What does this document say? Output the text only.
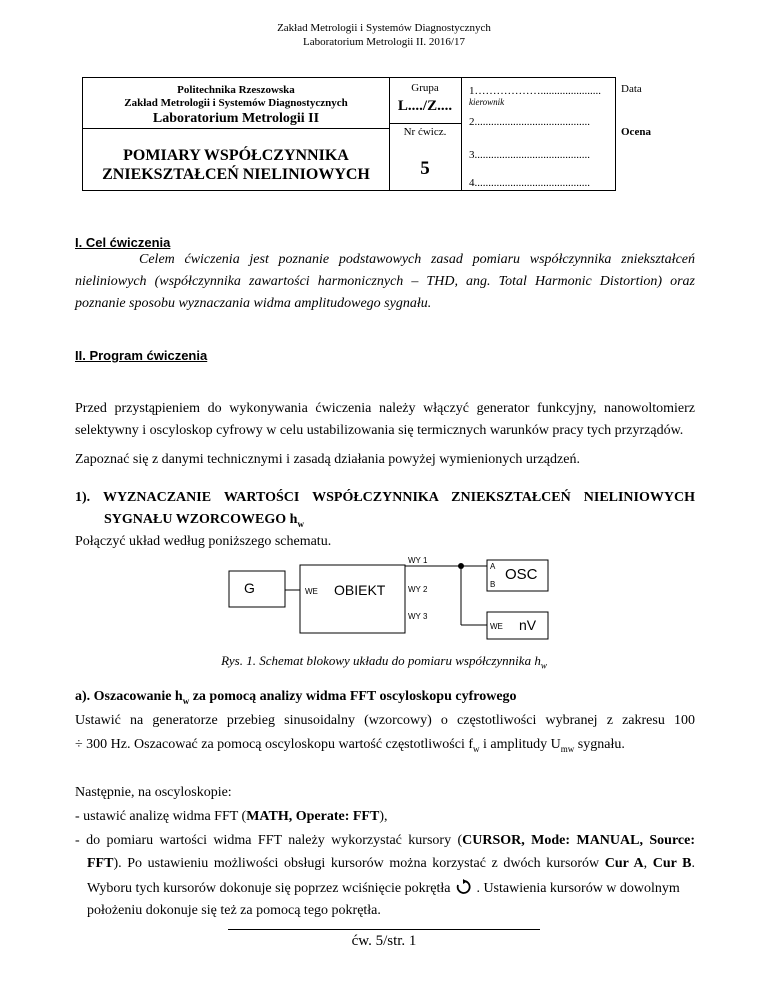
Zakład Metrologii i Systemów Diagnostycznych
Laboratorium Metrologii II. 2016/17
Politechnika Rzeszowska
Zakład Metrologii i Systemów Diagnostycznych
Laboratorium Metrologii II
POMIARY WSPÓŁCZYNNIKA
ZNIEKSZTAŁCEŃ NIELINIOWYCH
Grupa
L..../Z....
Nr ćwicz.
5
1………………......................
kierownik
2..........................................
3..........................................
4..........................................
Data
Ocena
I. Cel ćwiczenia
Celem ćwiczenia jest poznanie podstawowych zasad pomiaru współczynnika zniekształceń nieliniowych (współczynnika zawartości harmonicznych – THD, ang. Total Harmonic Distortion) oraz poznanie sposobu wyznaczania widma amplitudowego sygnału.
II. Program ćwiczenia
Przed przystąpieniem do wykonywania ćwiczenia należy włączyć generator funkcyjny, nanowoltomierz selektywny i oscyloskop cyfrowy w celu ustabilizowania się termicznych warunków pracy tych przyrządów.
Zapoznać się z danymi technicznymi i zasadą działania powyżej wymienionych urządzeń.
1). WYZNACZANIE WARTOŚCI WSPÓŁCZYNNIKA ZNIEKSZTAŁCEŃ NIELINIOWYCH
SYGNAŁU WZORCOWEGO $h_w$
Połączyć układ według poniższego schematu.
G	WE OBIEKT
WY 1
WY 2
WY 3
A
B
OSC
WE nV
Rys. 1. Schemat blokowy układu do pomiaru współczynnika $h_w$
a). Oszacowanie $h_w$ za pomocą analizy widma FFT oscyloskopu cyfrowego
Ustawić na generatorze przebieg sinusoidalny (wzorcowy) o częstotliwości wybranej z zakresu 100
÷ 300 Hz. Oszacować za pomocą oscyloskopu wartość częstotliwości $f_w$ i amplitudy $U_{mw}$ sygnału.
Następnie, na oscyloskopie:
- ustawić analizę widma FFT (MATH, Operate: FFT),
- do pomiaru wartości widma FFT należy wykorzystać kursory (CURSOR, Mode: MANUAL, Source:
FFT). Po ustawieniu możliwości obsługi kursorów można korzystać z dwóch kursorów Cur A, Cur B.
Wyboru tych kursorów dokonuje się poprzez wciśnięcie pokrętła . Ustawienia kursorów w dowolnym
położeniu dokonuje się też za pomocą tego pokrętła.
ćw. 5/str. 1
